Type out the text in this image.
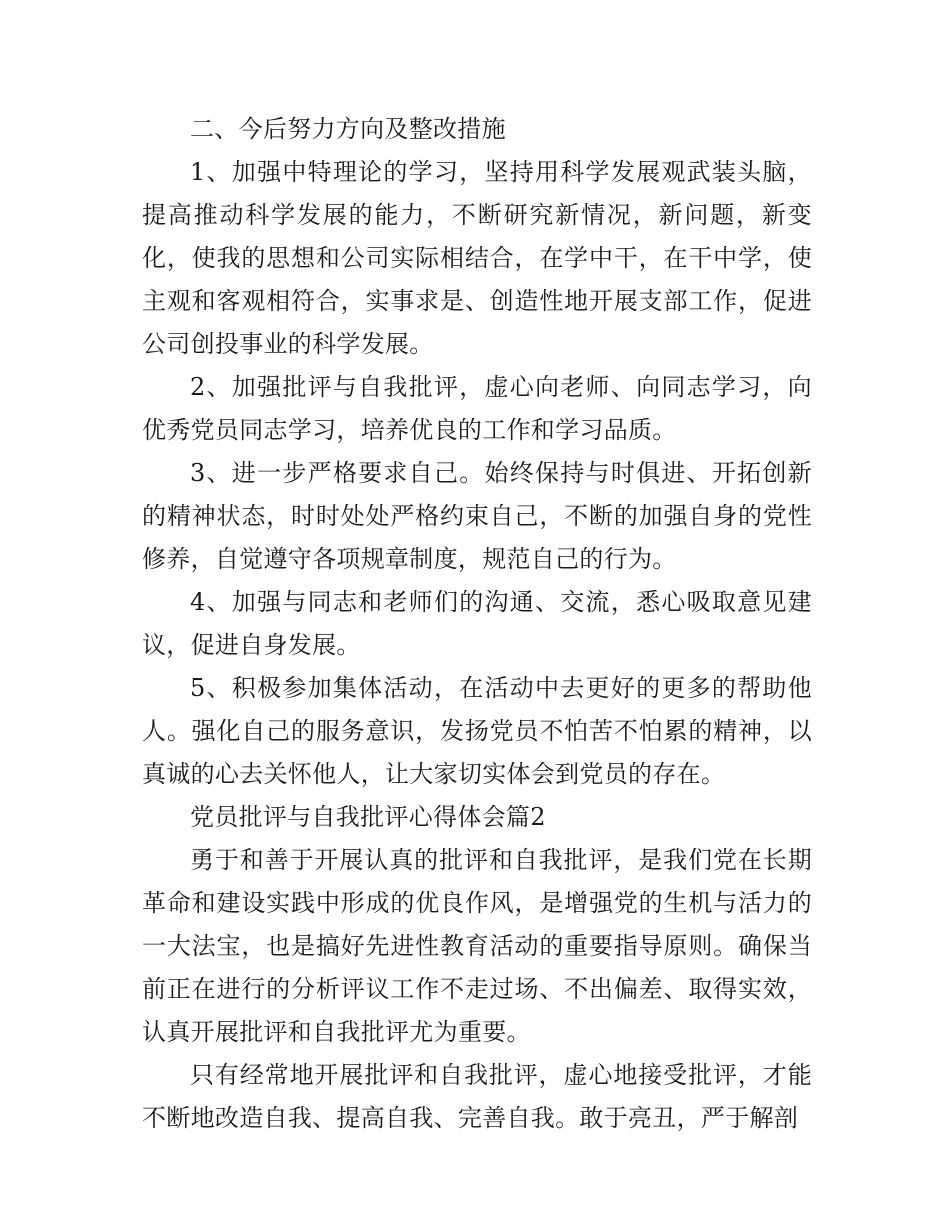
二、今后努力方向及整改措施

1、加强中特理论的学习，坚持用科学发展观武装头脑，提高推动科学发展的能力，不断研究新情况，新问题，新变化，使我的思想和公司实际相结合，在学中干，在干中学，使主观和客观相符合，实事求是、创造性地开展支部工作，促进公司创投事业的科学发展。

2、加强批评与自我批评，虚心向老师、向同志学习，向优秀党员同志学习，培养优良的工作和学习品质。

3、进一步严格要求自己。始终保持与时俱进、开拓创新的精神状态，时时处处严格约束自己，不断的加强自身的党性修养，自觉遵守各项规章制度，规范自己的行为。

4、加强与同志和老师们的沟通、交流，悉心吸取意见建议，促进自身发展。

5、积极参加集体活动，在活动中去更好的更多的帮助他人。强化自己的服务意识，发扬党员不怕苦不怕累的精神，以真诚的心去关怀他人，让大家切实体会到党员的存在。

党员批评与自我批评心得体会篇2

勇于和善于开展认真的批评和自我批评，是我们党在长期革命和建设实践中形成的优良作风，是增强党的生机与活力的一大法宝，也是搞好先进性教育活动的重要指导原则。确保当前正在进行的分析评议工作不走过场、不出偏差、取得实效，认真开展批评和自我批评尤为重要。

只有经常地开展批评和自我批评，虚心地接受批评，才能不断地改造自我、提高自我、完善自我。敢于亮丑，严于解剖
